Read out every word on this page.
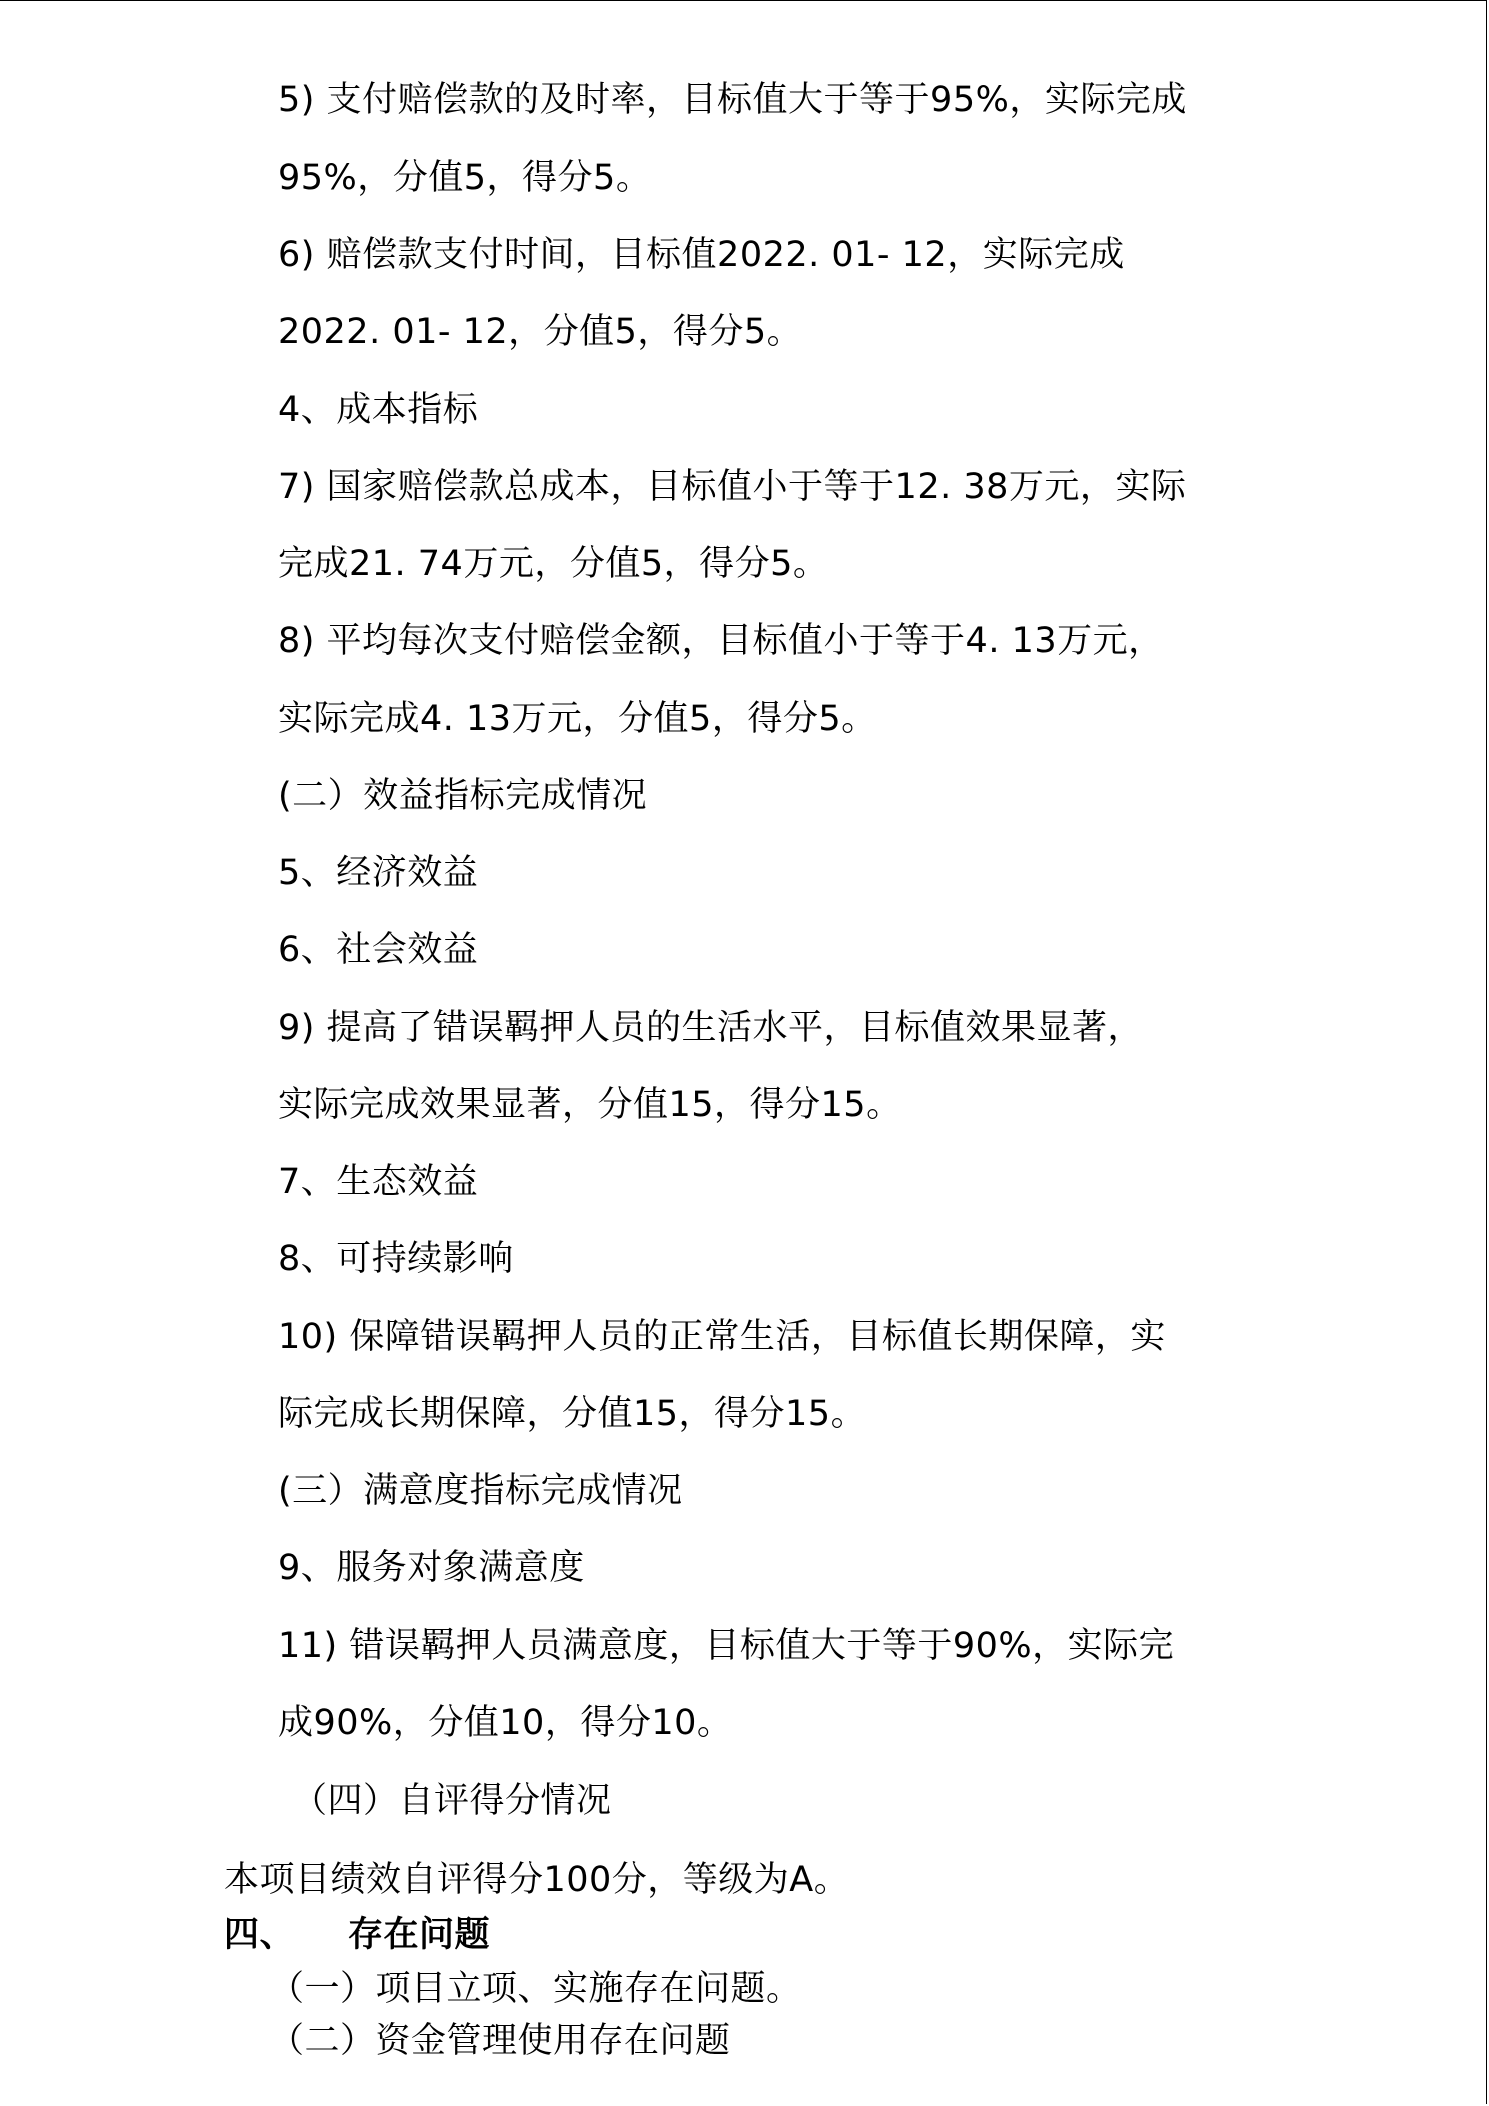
5) 支付赔偿款的及时率，目标值大于等于95%，实际完成
95%，分值5，得分5。
6) 赔偿款支付时间，目标值2022. 01- 12，实际完成
2022. 01- 12，分值5，得分5。
4、成本指标
7) 国家赔偿款总成本，目标值小于等于12. 38万元，实际
完成21. 74万元，分值5，得分5。
8) 平均每次支付赔偿金额，目标值小于等于4. 13万元，
实际完成4. 13万元，分值5，得分5。
(二）效益指标完成情况
5、经济效益
6、社会效益
9) 提高了错误羁押人员的生活水平，目标值效果显著，
实际完成效果显著，分值15，得分15。
7、生态效益
8、可持续影响
10) 保障错误羁押人员的正常生活，目标值长期保障，实
际完成长期保障，分值15，得分15。
(三）满意度指标完成情况
9、服务对象满意度
11) 错误羁押人员满意度，目标值大于等于90%，实际完
成90%，分值10，得分10。
（四）自评得分情况
本项目绩效自评得分100分，等级为A。
四、 存在问题
（一）项目立项、实施存在问题。
（二）资金管理使用存在问题
